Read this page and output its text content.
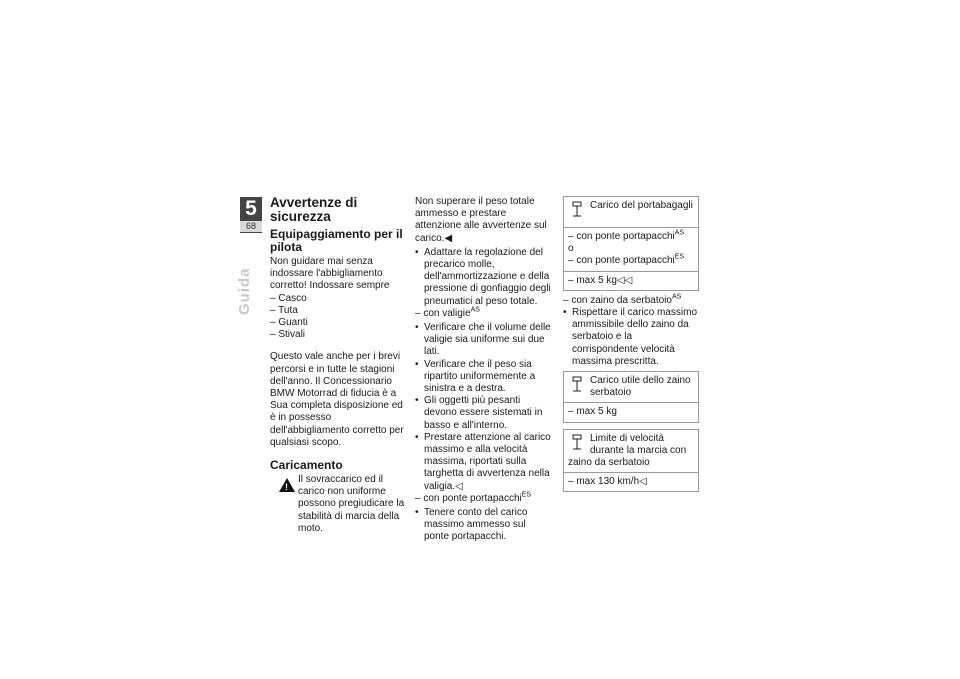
5
68
Guida
Avvertenze di sicurezza
Equipaggiamento per il pilota

Non guidare mai senza indossare l'abbigliamento corretto! Indossare sempre

– Casco

– Tuta

– Guanti

– Stivali

Questo vale anche per i brevi percorsi e in tutte le stagioni dell'anno. Il Concessionario BMW Motorrad di fiducia è a Sua completa disposizione ed è in possesso dell'abbigliamento corretto per qualsiasi scopo.

Caricamento
!
Il sovraccarico ed il carico non uniforme possono pregiudicare la stabilità di marcia della moto.

Non superare il peso totale ammesso e prestare attenzione alle avvertenze sul carico.◀

• Adattare la regolazione del precarico molle, dell'ammortizzazione e della pressione di gonfiaggio degli pneumatici al peso totale.

– con valigie$^{AS}$

• Verificare che il volume delle valigie sia uniforme sui due lati.
• Verificare che il peso sia ripartito uniformemente a sinistra e a destra.
• Gli oggetti più pesanti devono essere sistemati in basso e all'interno.
• Prestare attenzione al carico massimo e alla velocità massima, riportati sulla targhetta di avvertenza nella valigia.◁

– con ponte portapacchi$^{ES}$

• Tenere conto del carico massimo ammesso sul ponte portapacchi.
Carico del portabagagli

– con ponte portapacchi$^{AS}$

o

– con ponte portapacchi$^{ES}$

– max 5 kg◁◁

– con zaino da serbatoio$^{AS}$

• Rispettare il carico massimo ammissibile dello zaino da serbatoio e la corrispondente velocità massima prescritta.
Carico utile dello zaino serbatoio

– max 5 kg

Limite di velocità durante la marcia con zaino da serbatoio

– max 130 km/h◁
